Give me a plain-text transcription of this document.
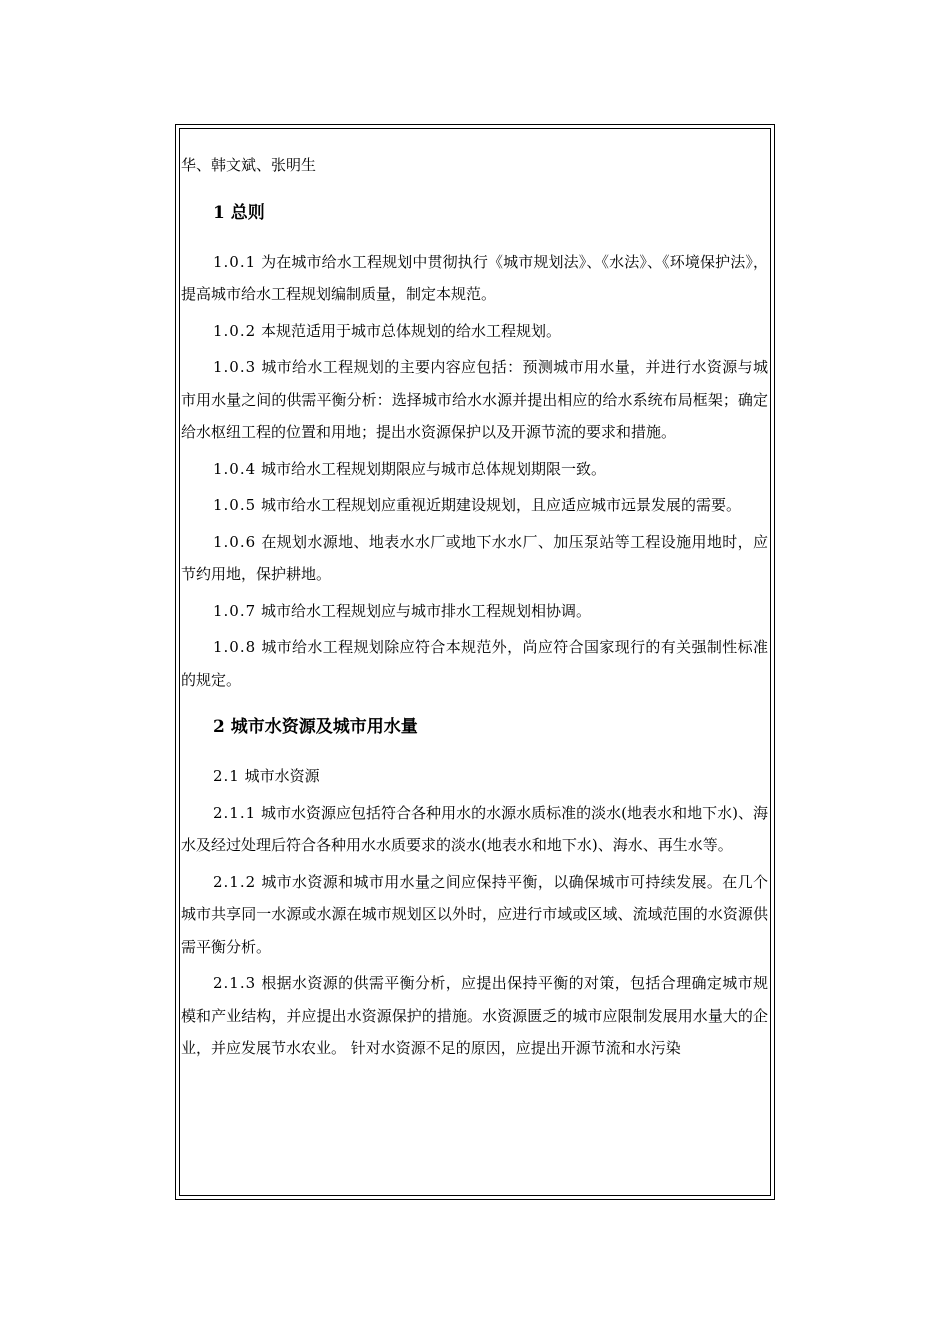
华、韩文斌、张明生

1 总则

1.0.1 为在城市给水工程规划中贯彻执行《城市规划法》、《水法》、《环境保护法》，提高城市给水工程规划编制质量，制定本规范。

1.0.2 本规范适用于城市总体规划的给水工程规划。

1.0.3 城市给水工程规划的主要内容应包括：预测城市用水量，并进行水资源与城市用水量之间的供需平衡分析：选择城市给水水源并提出相应的给水系统布局框架；确定给水枢纽工程的位置和用地；提出水资源保护以及开源节流的要求和措施。

1.0.4 城市给水工程规划期限应与城市总体规划期限一致。

1.0.5 城市给水工程规划应重视近期建设规划，且应适应城市远景发展的需要。

1.0.6 在规划水源地、地表水水厂或地下水水厂、加压泵站等工程设施用地时，应节约用地，保护耕地。

1.0.7 城市给水工程规划应与城市排水工程规划相协调。

1.0.8 城市给水工程规划除应符合本规范外，尚应符合国家现行的有关强制性标准的规定。

2 城市水资源及城市用水量

2.1 城市水资源

2.1.1 城市水资源应包括符合各种用水的水源水质标准的淡水(地表水和地下水)、海水及经过处理后符合各种用水水质要求的淡水(地表水和地下水)、海水、再生水等。

2.1.2 城市水资源和城市用水量之间应保持平衡，以确保城市可持续发展。在几个城市共享同一水源或水源在城市规划区以外时，应进行市域或区域、流域范围的水资源供需平衡分析。

2.1.3 根据水资源的供需平衡分析，应提出保持平衡的对策，包括合理确定城市规模和产业结构，并应提出水资源保护的措施。水资源匮乏的城市应限制发展用水量大的企业，并应发展节水农业。 针对水资源不足的原因，应提出开源节流和水污染
